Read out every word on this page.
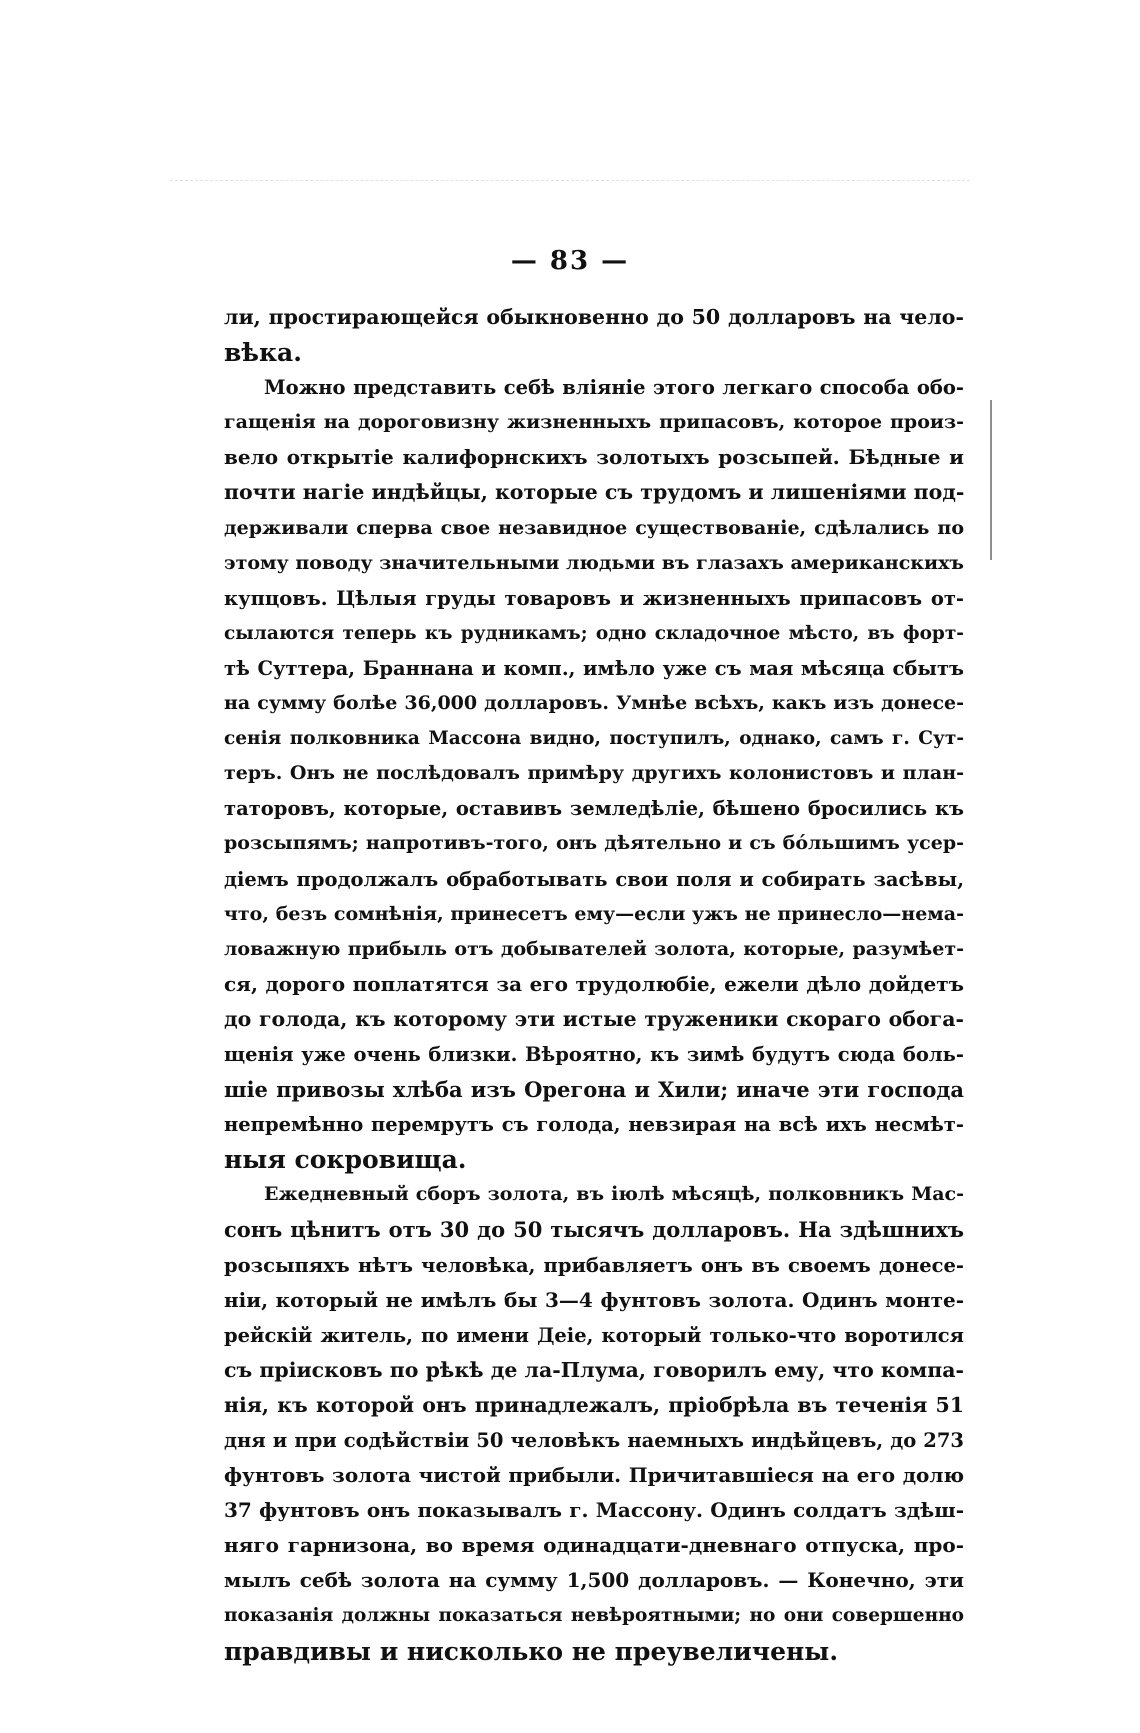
— 83 —
ли, простирающейся обыкновенно до 50 долларовъ на чело-
вѣка.
Можно представить себѣ вліяніе этого легкаго способа обо-
гащенія на дороговизну жизненныхъ припасовъ, которое произ-
вело открытіе калифорнскихъ золотыхъ розсыпей. Бѣдные и
почти нагіе индѣйцы, которые съ трудомъ и лишеніями под-
держивали сперва свое незавидное существованіе, сдѣлались по
этому поводу значительными людьми въ глазахъ американскихъ
купцовъ. Цѣлыя груды товаровъ и жизненныхъ припасовъ от-
сылаются теперь къ рудникамъ; одно складочное мѣсто, въ форт-
тѣ Суттера, Браннана и комп., имѣло уже съ мая мѣсяца сбытъ
на сумму болѣе 36,000 долларовъ. Умнѣе всѣхъ, какъ изъ донесе-
сенія полковника Массона видно, поступилъ, однако, самъ г. Сут-
теръ. Онъ не послѣдовалъ примѣру другихъ колонистовъ и план-
таторовъ, которые, оставивъ земледѣліе, бѣшено бросились къ
розсыпямъ; напротивъ-того, онъ дѣятельно и съ бо́льшимъ усер-
діемъ продолжалъ обработывать свои поля и собирать засѣвы,
что, безъ сомнѣнія, принесетъ ему—если ужъ не принесло—нема-
ловажную прибыль отъ добывателей золота, которые, разумѣет-
ся, дорого поплатятся за его трудолюбіе, ежели дѣло дойдетъ
до голода, къ которому эти истые труженики скораго обога-
щенія уже очень близки. Вѣроятно, къ зимѣ будутъ сюда боль-
шіе привозы хлѣба изъ Орегона и Хили; иначе эти господа
непремѣнно перемрутъ съ голода, невзирая на всѣ ихъ несмѣт-
ныя сокровища.
Ежедневный сборъ золота, въ іюлѣ мѣсяцѣ, полковникъ Мас-
сонъ цѣнитъ отъ 30 до 50 тысячъ долларовъ. На здѣшнихъ
розсыпяхъ нѣтъ человѣка, прибавляетъ онъ въ своемъ донесе-
ніи, который не имѣлъ бы 3—4 фунтовъ золота. Одинъ монте-
рейскій житель, по имени Деіе, который только-что воротился
съ пріисковъ по рѣкѣ де ла-Плума, говорилъ ему, что компа-
нія, къ которой онъ принадлежалъ, пріобрѣла въ теченія 51
дня и при содѣйствіи 50 человѣкъ наемныхъ индѣйцевъ, до 273
фунтовъ золота чистой прибыли. Причитавшіеся на его долю
37 фунтовъ онъ показывалъ г. Массону. Одинъ солдатъ здѣш-
няго гарнизона, во время одинадцати-дневнаго отпуска, про-
мылъ себѣ золота на сумму 1,500 долларовъ. — Конечно, эти
показанія должны показаться невѣроятными; но они совершенно
правдивы и нисколько не преувеличены.
